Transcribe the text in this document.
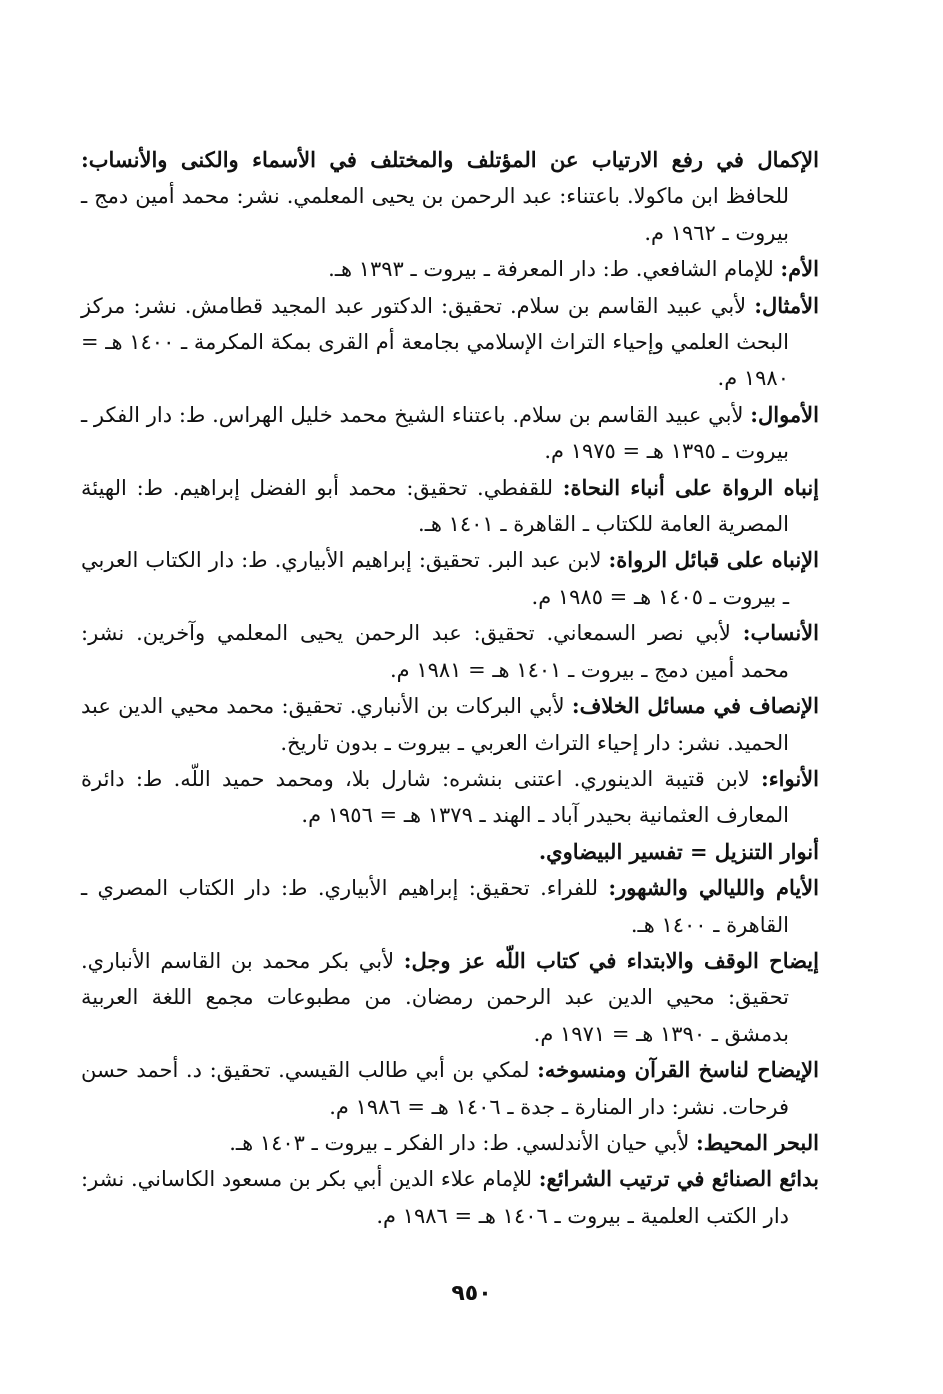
الإكمال في رفع الارتياب عن المؤتلف والمختلف في الأسماء والكنى والأنساب: للحافظ ابن ماكولا. باعتناء: عبد الرحمن بن يحيى المعلمي. نشر: محمد أمين دمج ـ بيروت ـ ١٩٦٢ م.
الأم: للإمام الشافعي. ط: دار المعرفة ـ بيروت ـ ١٣٩٣ هـ.
الأمثال: لأبي عبيد القاسم بن سلام. تحقيق: الدكتور عبد المجيد قطامش. نشر: مركز البحث العلمي وإحياء التراث الإسلامي بجامعة أم القرى بمكة المكرمة ـ ١٤٠٠ هـ = ١٩٨٠ م.
الأموال: لأبي عبيد القاسم بن سلام. باعتناء الشيخ محمد خليل الهراس. ط: دار الفكر ـ بيروت ـ ١٣٩٥ هـ = ١٩٧٥ م.
إنباه الرواة على أنباء النحاة: للقفطي. تحقيق: محمد أبو الفضل إبراهيم. ط: الهيئة المصرية العامة للكتاب ـ القاهرة ـ ١٤٠١ هـ.
الإنباه على قبائل الرواة: لابن عبد البر. تحقيق: إبراهيم الأبياري. ط: دار الكتاب العربي ـ بيروت ـ ١٤٠٥ هـ = ١٩٨٥ م.
الأنساب: لأبي نصر السمعاني. تحقيق: عبد الرحمن يحيى المعلمي وآخرين. نشر: محمد أمين دمج ـ بيروت ـ ١٤٠١ هـ = ١٩٨١ م.
الإنصاف في مسائل الخلاف: لأبي البركات بن الأنباري. تحقيق: محمد محيي الدين عبد الحميد. نشر: دار إحياء التراث العربي ـ بيروت ـ بدون تاريخ.
الأنواء: لابن قتيبة الدينوري. اعتنى بنشره: شارل بلا، ومحمد حميد اللّه. ط: دائرة المعارف العثمانية بحيدر آباد ـ الهند ـ ١٣٧٩ هـ = ١٩٥٦ م.
أنوار التنزيل = تفسير البيضاوي.
الأيام والليالي والشهور: للفراء. تحقيق: إبراهيم الأبياري. ط: دار الكتاب المصري ـ القاهرة ـ ١٤٠٠ هـ.
إيضاح الوقف والابتداء في كتاب اللّه عز وجل: لأبي بكر محمد بن القاسم الأنباري. تحقيق: محيي الدين عبد الرحمن رمضان. من مطبوعات مجمع اللغة العربية بدمشق ـ ١٣٩٠ هـ = ١٩٧١ م.
الإيضاح لناسخ القرآن ومنسوخه: لمكي بن أبي طالب القيسي. تحقيق: د. أحمد حسن فرحات. نشر: دار المنارة ـ جدة ـ ١٤٠٦ هـ = ١٩٨٦ م.
البحر المحيط: لأبي حيان الأندلسي. ط: دار الفكر ـ بيروت ـ ١٤٠٣ هـ.
بدائع الصنائع في ترتيب الشرائع: للإمام علاء الدين أبي بكر بن مسعود الكاساني. نشر: دار الكتب العلمية ـ بيروت ـ ١٤٠٦ هـ = ١٩٨٦ م.
٩٥٠
